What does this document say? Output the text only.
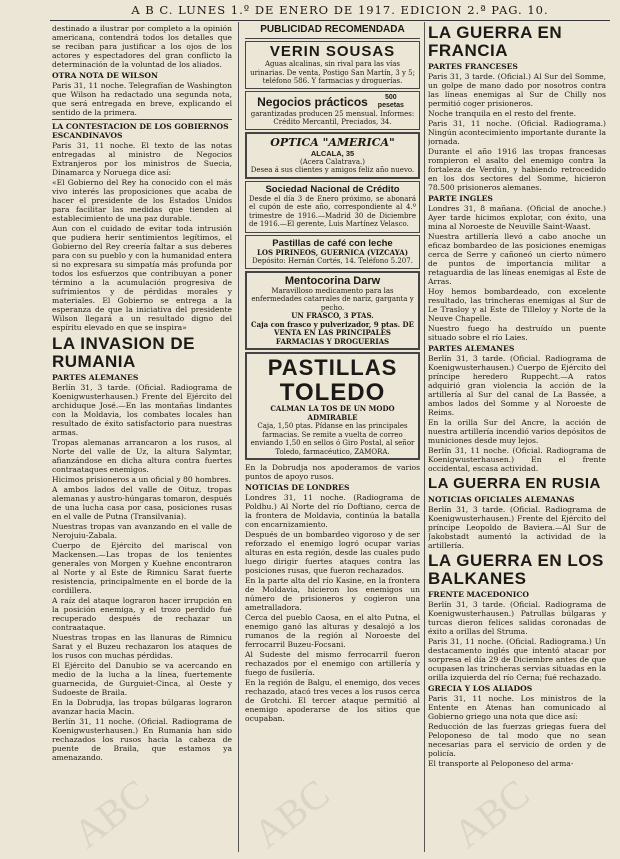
A B C. LUNES 1.º DE ENERO DE 1917. EDICION 2.ª PAG. 10.

destinado a ilustrar por completo a la opinión americana, contendrá todos los detalles que se reciban para justificar a los ojos de los actores y espectadores del gran conflicto la determinación de la voluntad de los aliados.

OTRA NOTA DE WILSON

Paris 31, 11 noche. Telegrafían de Washington que Wilson ha redactado una segunda nota, que será entregada en breve, explicando el sentido de la primera.

LA CONTESTACION DE LOS GOBIERNOS ESCANDINAVOS

Paris 31, 11 noche. El texto de las notas entregadas al ministro de Negocios Extranjeros por los ministros de Suecia, Dinamarca y Noruega dice así:

«El Gobierno del Rey ha conocido con el más vivo interés las proposiciones que acaba de hacer el presidente de los Estados Unidos para facilitar las medidas que tienden al establecimiento de una paz durable.

Aun con el cuidado de evitar toda intrusión que pudiera herir sentimientos legítimos, el Gobierno del Rey creería faltar a sus deberes para con su pueblo y con la humanidad entera si no expresara su simpatía más profunda por todos los esfuerzos que contribuyan a poner término a la acumulación progresiva de sufrimientos y de pérdidas morales y materiales. El Gobierno se entrega a la esperanza de que la iniciativa del presidente Wilson llegará a un resultado digno del espíritu elevado en que se inspira»

LA INVASION DE RUMANIA
PARTES ALEMANES

Berlín 31, 3 tarde. (Oficial. Radiograma de Koenigwusterhausen.) Frente del Ejército del archiduque José.—En las montañas lindantes con la Moldavia, los combates locales han resultado de éxito satisfactorio para nuestras armas.

Tropas alemanas arrancaron a los rusos, al Norte del valle de Uz, la altura Salymtar, afianzándose en dicha altura contra fuertes contraataques enemigos.

Hicimos prisioneros a un oficial y 80 hombres.

A ambos lados del valle de Oituz, tropas alemanas y austro-húngaras tomaron, después de una lucha casa por casa, posiciones rusas en el valle de Putna (Transilvania).

Nuestras tropas van avanzando en el valle de Nerojuiu-Zabala.

Cuerpo de Ejército del mariscal von Mackensen.—Las tropas de los tenientes generales von Morgen y Kuehne encontraron al Norte y al Este de Rimnicu Sarat fuerte resistencia, principalmente en el borde de la cordillera.

A raíz del ataque lograron hacer irrupción en la posición enemiga, y el trozo perdido fué recuperado después de rechazar un contraataque.

Nuestras tropas en las llanuras de Rimnicu Sarat y el Buzeu rechazaron los ataques de los rusos con muchas pérdidas.

El Ejército del Danubio se va acercando en medio de la lucha a la línea, fuertemente guarnecida, de Gurguiet-Cinca, al Oeste y Sudoeste de Braila.

En la Dobrudja, las tropas búlgaras lograron avanzar hacia Macin.

Berlín 31, 11 noche. (Oficial. Radiograma de Koenigwusterhausen.) En Rumania han sido rechazados los rusos hacia la cabeza de puente de Braila, que estamos ya amenazando.

PUBLICIDAD RECOMENDADA
VERIN SOUSAS

Aguas alcalinas, sin rival para las vías urinarias. De venta, Postigo San Martín, 3 y 5; teléfono 586. Y farmacias y droguerías.

Negocios prácticos	500 pesetas

garantizadas producen 25 mensual. Informes: Crédito Mercantil, Preciados, 34.

OPTICA "AMERICA"
ALCALA, 35

(Acera Calatrava.)

Desea á sus clientes y amigos feliz año nuevo.

Sociedad Nacional de Crédito

Desde el día 3 de Enero próximo, se abonará el cupón de este año, correspondiente al 4.º trimestre de 1916.—Madrid 30 de Diciembre de 1916.—El gerente, Luis Martínez Velasco.

Pastillas de café con leche

LOS PIRINEOS, GUERNICA (VIZCAYA)

Depósito: Hernán Cortés, 14. Teléfono 5.207.

Mentocorina Darw

Maravilloso medicamento para las enfermedades catarrales de nariz, garganta y pecho.

UN FRASCO, 3 PTAS.

Caja con frasco y pulverizador, 9 ptas. DE VENTA EN LAS PRINCIPALES FARMACIAS Y DROGUERIAS

PASTILLAS
TOLEDO

CALMAN LA TOS DE UN MODO ADMIRABLE

Caja, 1,50 ptas. Pídanse en las principales farmacias. Se remite a vuelta de correo enviando 1,50 en sellos ó Giro Postal, al señor Toledo, farmacéutico, ZAMORA.

En la Dobrudja nos apoderamos de varios puntos de apoyo rusos.

NOTICIAS DE LONDRES

Londres 31, 11 noche. (Radiograma de Poldhu.) Al Norte del río Doftiano, cerca de la frontera de Moldavia, continúa la batalla con encarnizamiento.

Después de un bombardeo vigoroso y de ser reforzado el enemigo logró ocupar varias alturas en esta región, desde las cuales pudo luego dirigir fuertes ataques contra las posiciones rusas, que fueron rechazados.

En la parte alta del río Kasine, en la frontera de Moldavia, hicieron los enemigos un número de prisioneros y cogieron una ametralladora.

Cerca del pueblo Caosa, en el alto Putna, el enemigo ganó las alturas y desalojó a los rumanos de la región al Noroeste del ferrocarril Buzeu-Focsani.

Al Sudeste del mismo ferrocarril fueron rechazados por el enemigo con artillería y fuego de fusilería.

En la región de Balgu, el enemigo, dos veces rechazado, atacó tres veces a los rusos cerca de Grotchi. El tercer ataque permitió al enemigo apoderarse de los sitios que ocupaban.

LA GUERRA EN FRANCIA
PARTES FRANCESES

Paris 31, 3 tarde. (Oficial.) Al Sur del Somme, un golpe de mano dado por nosotros contra las líneas enemigas al Sur de Chilly nos permitió coger prisioneros.

Noche tranquila en el resto del frente.

Paris 31, 11 noche. (Oficial. Radiograma.) Ningún acontecimiento importante durante la jornada.

Durante el año 1916 las tropas francesas rompieron el asalto del enemigo contra la fortaleza de Verdún, y habiendo retrocedido en los dos sectores del Somme, hicieron 78.500 prisioneros alemanes.

PARTE INGLES

Londres 31, 8 mañana. (Oficial de anoche.) Ayer tarde hicimos explotar, con éxito, una mina al Noroeste de Neuville Saint-Waast.

Nuestra artillería llevó a cabo anoche un eficaz bombardeo de las posiciones enemigas cerca de Serre y cañoneó un cierto número de puntos de importancia militar a retaguardia de las líneas enemigas al Este de Arras.

Hoy hemos bombardeado, con excelente resultado, las trincheras enemigas al Sur de Le Trasloy y al Este de Tilleloy y Norte de la Neuve Chapelle.

Nuestro fuego ha destruído un puente situado sobre el río Laies.

PARTES ALEMANES

Berlín 31, 3 tarde. (Oficial. Radiograma de Koenigwusterhausen.) Cuerpo de Ejército del príncipe heredero Ruppecht.—A ratos adquirió gran violencia la acción de la artillería al Sur del canal de La Bassée, a ambos lados del Somme y al Noroeste de Reims.

En la orilla Sur del Ancre, la acción de nuestra artillería incendió varios depósitos de municiones desde muy lejos.

Berlín 31, 11 noche. (Oficial. Radiograma de Koenigwusterhausen.) En el frente occidental, escasa actividad.

LA GUERRA EN RUSIA
NOTICIAS OFICIALES ALEMANAS

Berlín 31, 3 tarde. (Oficial. Radiograma de Koenigwusterhausen.) Frente del Ejército del príncipe Leopoldo de Baviera.—Al Sur de Jakobstadt aumentó la actividad de la artillería.

LA GUERRA EN LOS BALKANES
FRENTE MACEDONICO

Berlín 31, 3 tarde. (Oficial. Radiograma de Koenigwusterhausen.) Patrullas búlgaras y turcas dieron felices salidas coronadas de éxito a orillas del Struma.

Paris 31, 11 noche. (Oficial. Radiograma.) Un destacamento inglés que intentó atacar por sorpresa el día 29 de Diciembre antes de que ocupasen las trincheras servias situadas en la orilla izquierda del río Cerna; fué rechazado.

GRECIA Y LOS ALIADOS

Paris 31, 11 noche. Los ministros de la Entente en Atenas han comunicado al Gobierno griego una nota que dice así:

Reducción de las fuerzas griegas fuera del Peloponeso de tal modo que no sean necesarias para el servicio de orden y de policía.

El transporte al Peloponeso del arma-

ABC ABC	ABC
